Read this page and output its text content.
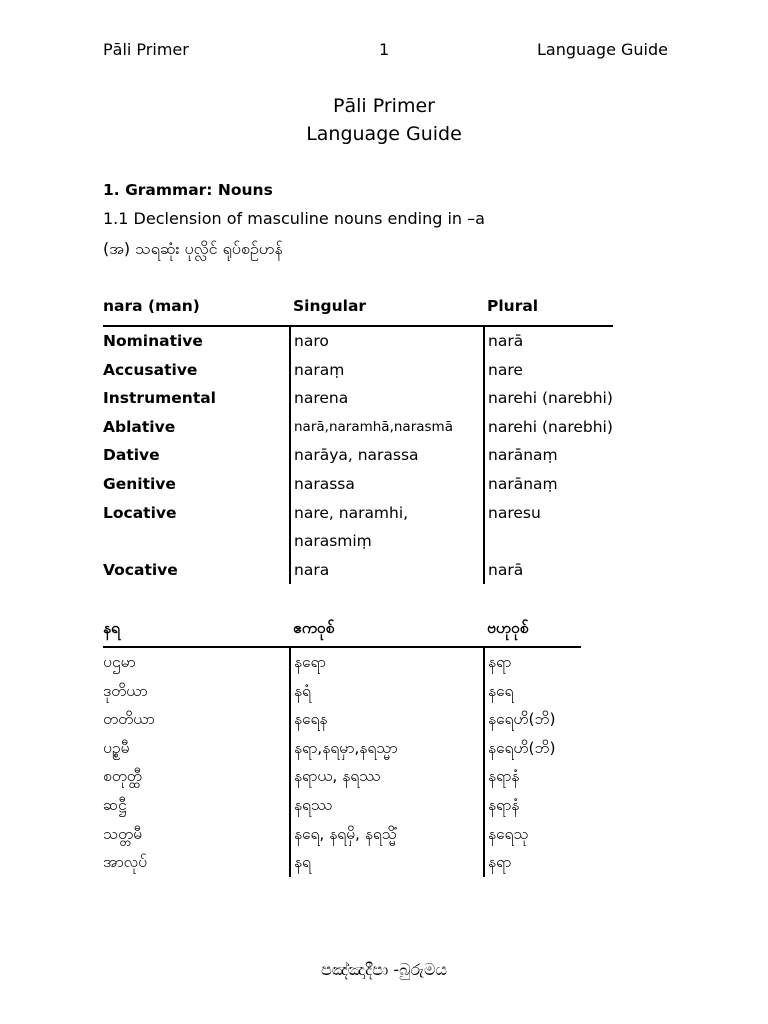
Pāli Primer	1	Language Guide
Pāli Primer
Language Guide
1. Grammar: Nouns
1.1 Declension of masculine nouns ending in –a
(အ) သရဆုံး ပုလ္လိင် ရုပ်စဉ်ဟန်
nara (man)	Singular	Plural
Nominative	naro	narā
Accusative	naraṃ	nare
Instrumental	narena	narehi (narebhi)
Ablative	narā,naramhā,narasmā	narehi (narebhi)
Dative	narāya, narassa	narānaṃ
Genitive	narassa	narānaṃ
Locative	nare, naramhi,	naresu
	narasmiṃ	
Vocative	nara	narā
နရ	ဧကဝုစ်	ဗဟုဝုစ်
ပဌမာ	နရော	နရာ
ဒုတိယာ	နရံ	နရေ
တတိယာ	နရေန	နရေဟိ(ဘိ)
ပဉ္စမီ	နရာ,နရမှာ,နရသ္မာ	နရေဟိ(ဘိ)
စတုတ္ထီ	နရာယ, နရဿ	နရာနံ
ဆဋ္ဌီ	နရဿ	နရာနံ
သတ္တမီ	နရေ, နရမှိ, နရသ္မိံ	နရေသု
အာလုပ်	နရ	နရာ
පඤ්ඤාදීපා -බුරුමය
